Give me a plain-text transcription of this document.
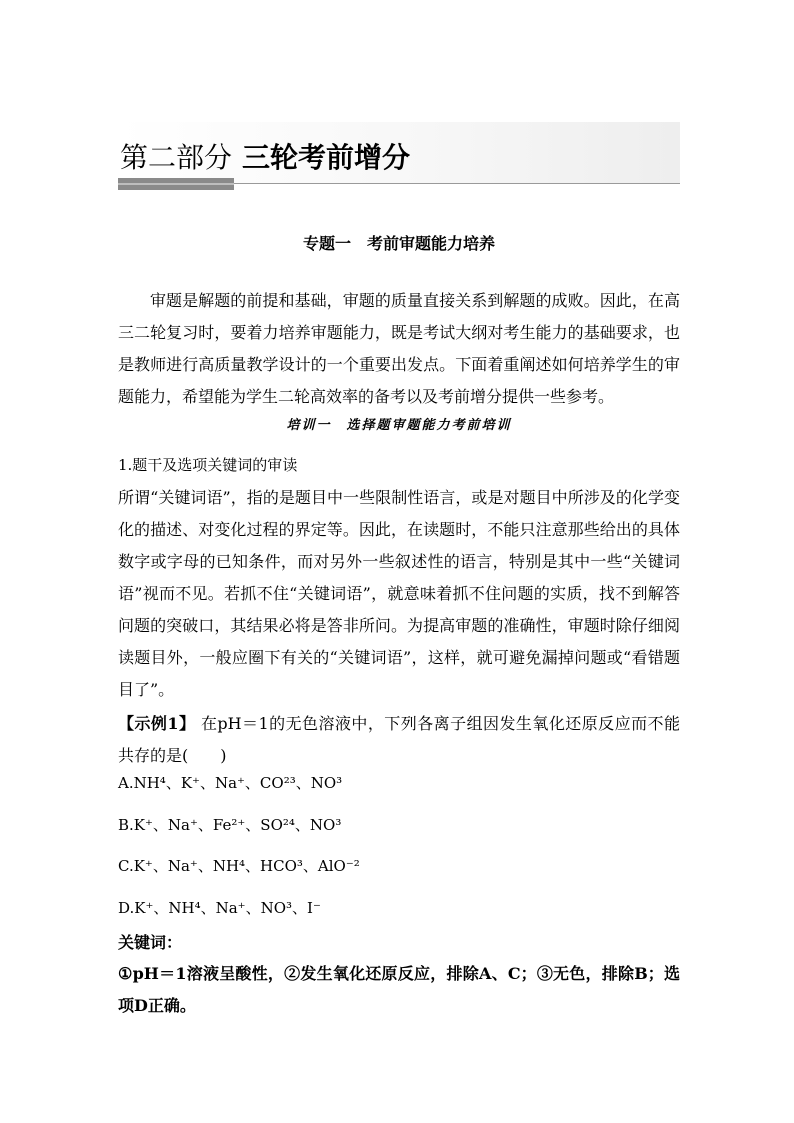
第二部分 三轮考前增分
专题一　考前审题能力培养
审题是解题的前提和基础，审题的质量直接关系到解题的成败。因此，在高三二轮复习时，要着力培养审题能力，既是考试大纲对考生能力的基础要求，也是教师进行高质量教学设计的一个重要出发点。下面着重阐述如何培养学生的审题能力，希望能为学生二轮高效率的备考以及考前增分提供一些参考。
培训一　选择题审题能力考前培训
1.题干及选项关键词的审读
所谓“关键词语”，指的是题目中一些限制性语言，或是对题目中所涉及的化学变化的描述、对变化过程的界定等。因此，在读题时，不能只注意那些给出的具体数字或字母的已知条件，而对另外一些叙述性的语言，特别是其中一些“关键词语”视而不见。若抓不住“关键词语”，就意味着抓不住问题的实质，找不到解答问题的突破口，其结果必将是答非所问。为提高审题的准确性，审题时除仔细阅读题目外，一般应圈下有关的“关键词语”，这样，就可避免漏掉问题或“看错题目了”。
【示例1】 在pH＝1的无色溶液中，下列各离子组因发生氧化还原反应而不能共存的是(　　)
A.NH⁴、K⁺、Na⁺、CO²³、NO³
B.K⁺、Na⁺、Fe²⁺、SO²⁴、NO³
C.K⁺、Na⁺、NH⁴、HCO³、AlO⁻²
D.K⁺、NH⁴、Na⁺、NO³、I⁻
关键词：
①pH＝1溶液呈酸性，②发生氧化还原反应，排除A、C；③无色，排除B；选项D正确。
